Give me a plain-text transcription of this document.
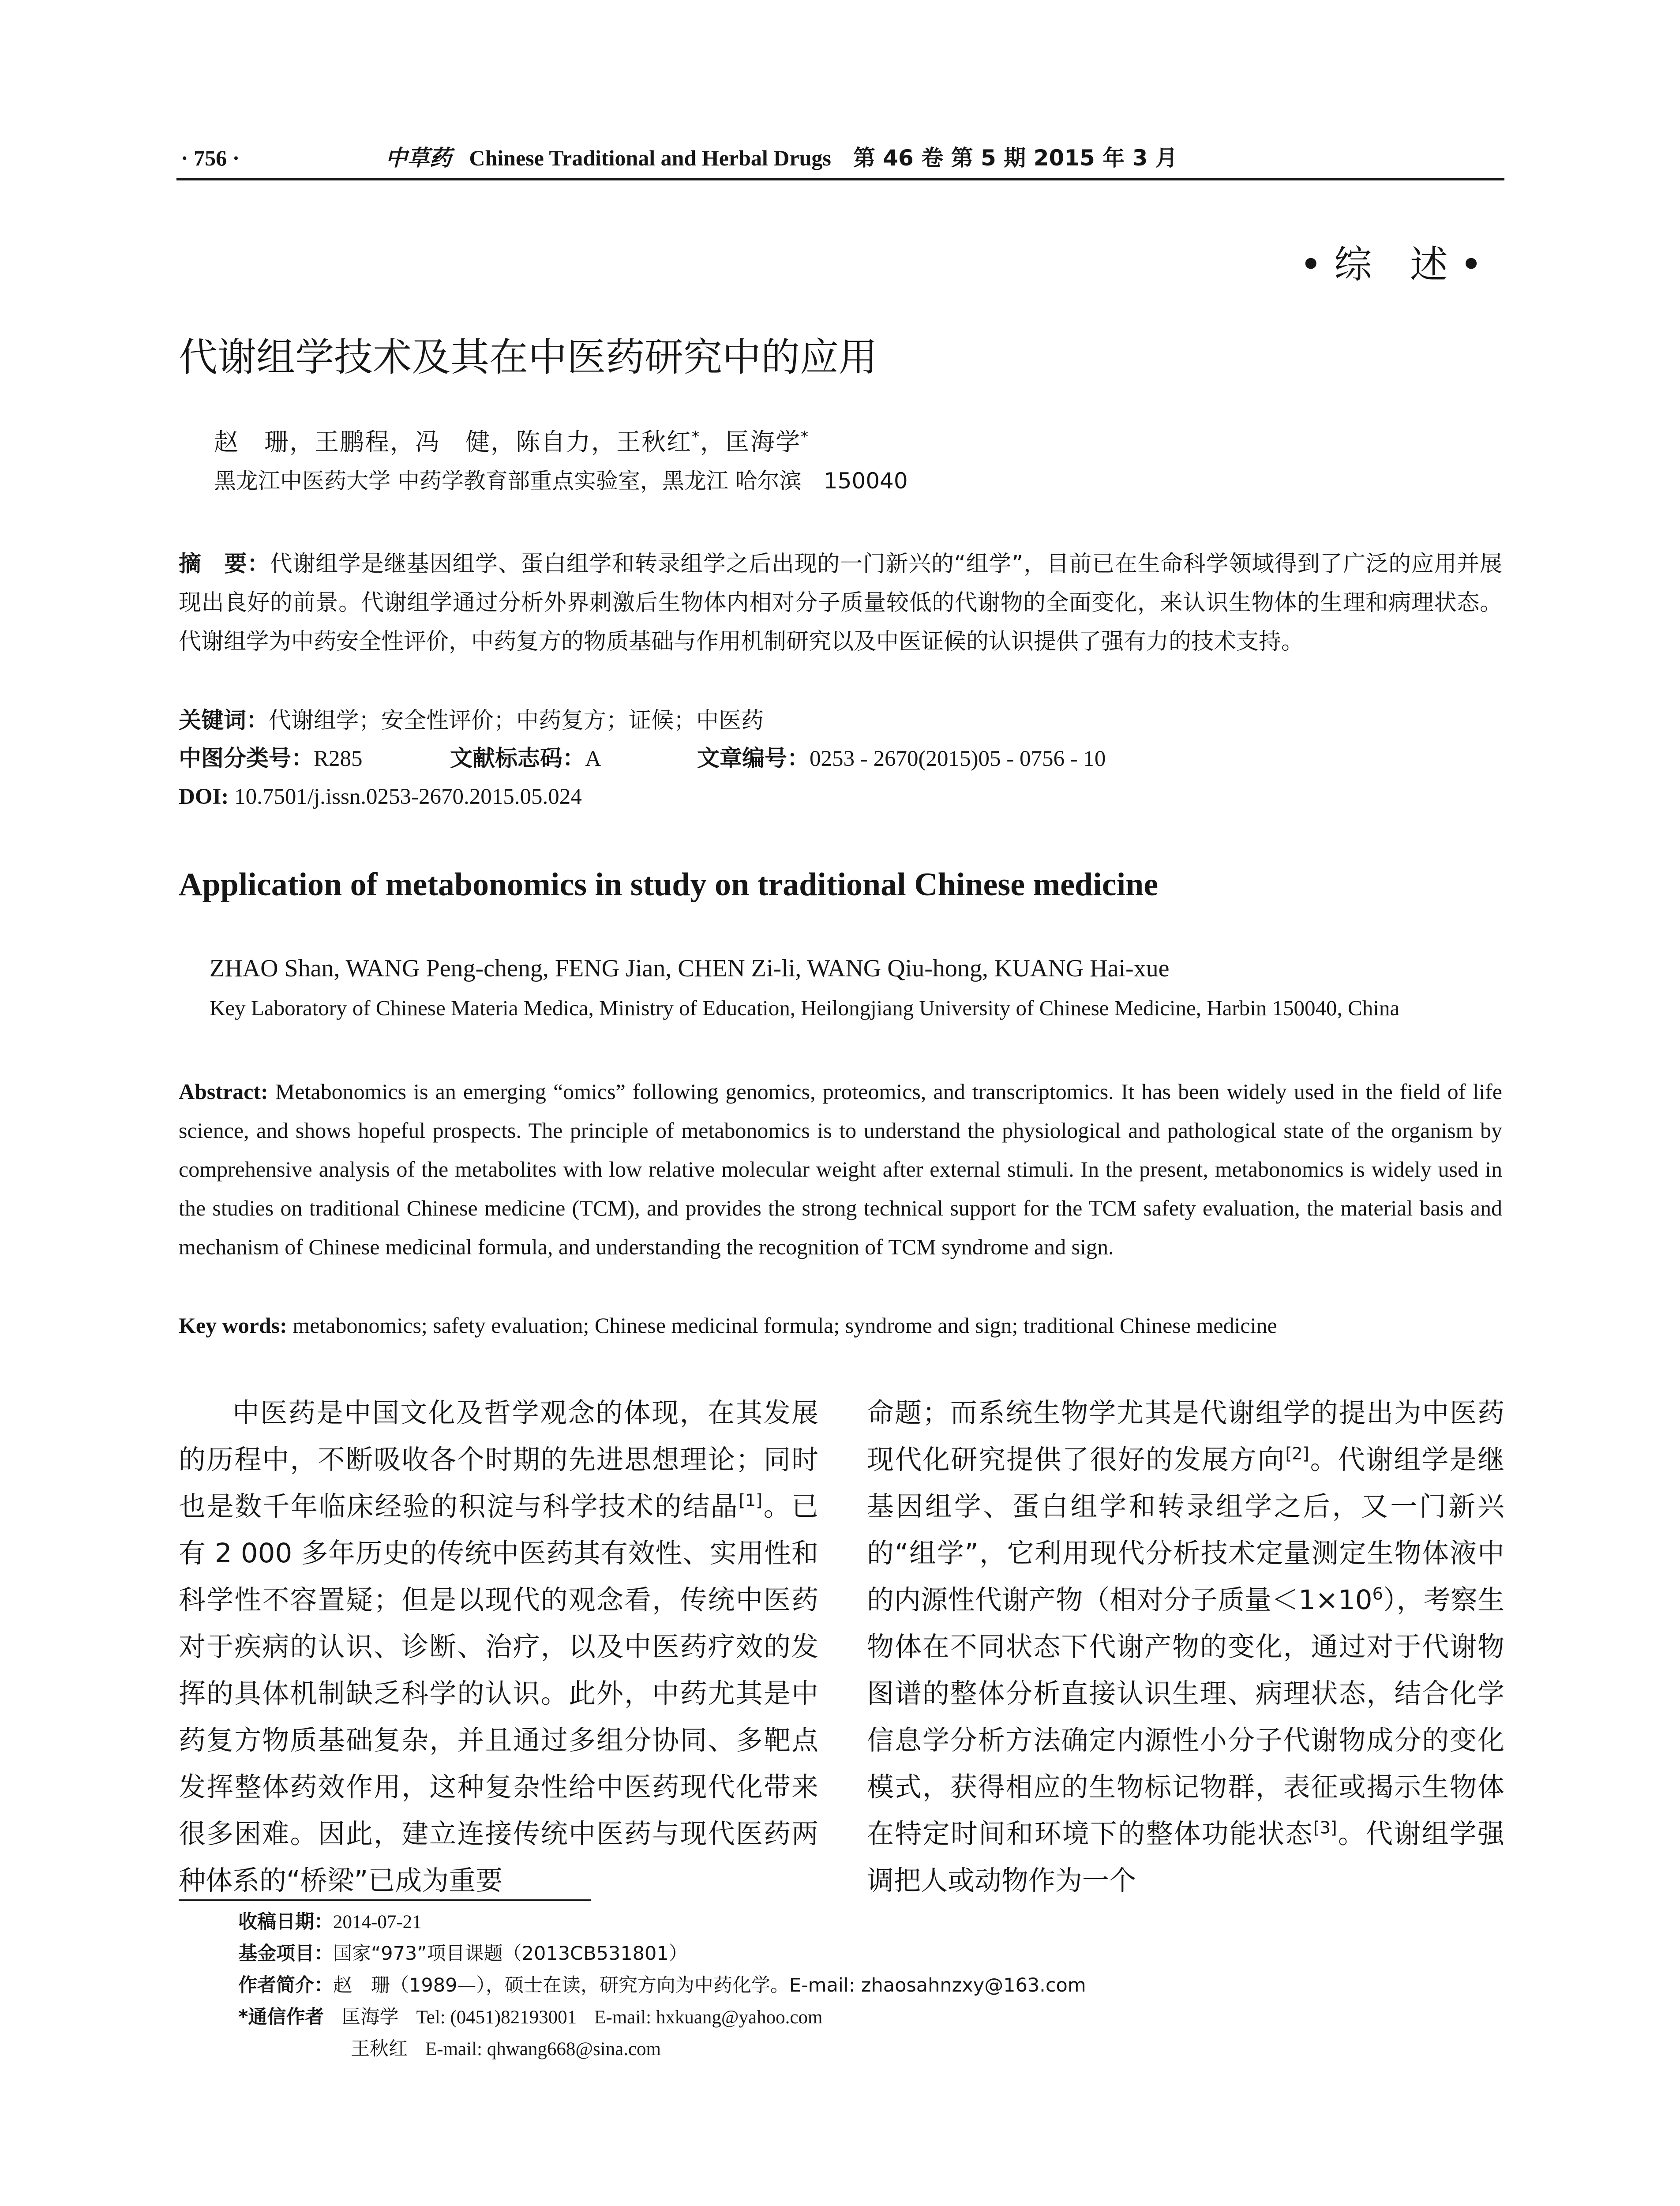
· 756 ·	中草药 Chinese Traditional and Herbal Drugs 第 46 卷 第 5 期 2015 年 3 月
• 综　述 •
代谢组学技术及其在中医药研究中的应用
赵　珊，王鹏程，冯　健，陈自力，王秋红*，匡海学*
黑龙江中医药大学 中药学教育部重点实验室，黑龙江 哈尔滨　150040
摘　要：代谢组学是继基因组学、蛋白组学和转录组学之后出现的一门新兴的“组学”，目前已在生命科学领域得到了广泛的应用并展现出良好的前景。代谢组学通过分析外界刺激后生物体内相对分子质量较低的代谢物的全面变化，来认识生物体的生理和病理状态。代谢组学为中药安全性评价，中药复方的物质基础与作用机制研究以及中医证候的认识提供了强有力的技术支持。
关键词：代谢组学；安全性评价；中药复方；证候；中医药
中图分类号：R285	文献标志码：A	文章编号：0253 - 2670(2015)05 - 0756 - 10
DOI: 10.7501/j.issn.0253-2670.2015.05.024
Application of metabonomics in study on traditional Chinese medicine
ZHAO Shan, WANG Peng-cheng, FENG Jian, CHEN Zi-li, WANG Qiu-hong, KUANG Hai-xue
Key Laboratory of Chinese Materia Medica, Ministry of Education, Heilongjiang University of Chinese Medicine, Harbin 150040, China
Abstract: Metabonomics is an emerging “omics” following genomics, proteomics, and transcriptomics. It has been widely used in the field of life science, and shows hopeful prospects. The principle of metabonomics is to understand the physiological and pathological state of the organism by comprehensive analysis of the metabolites with low relative molecular weight after external stimuli. In the present, metabonomics is widely used in the studies on traditional Chinese medicine (TCM), and provides the strong technical support for the TCM safety evaluation, the material basis and mechanism of Chinese medicinal formula, and understanding the recognition of TCM syndrome and sign.
Key words: metabonomics; safety evaluation; Chinese medicinal formula; syndrome and sign; traditional Chinese medicine
中医药是中国文化及哲学观念的体现，在其发展的历程中，不断吸收各个时期的先进思想理论；同时也是数千年临床经验的积淀与科学技术的结晶[1]。已有 2 000 多年历史的传统中医药其有效性、实用性和科学性不容置疑；但是以现代的观念看，传统中医药对于疾病的认识、诊断、治疗，以及中医药疗效的发挥的具体机制缺乏科学的认识。此外，中药尤其是中药复方物质基础复杂，并且通过多组分协同、多靶点发挥整体药效作用，这种复杂性给中医药现代化带来很多困难。因此，建立连接传统中医药与现代医药两种体系的“桥梁”已成为重要
命题；而系统生物学尤其是代谢组学的提出为中医药现代化研究提供了很好的发展方向[2]。代谢组学是继基因组学、蛋白组学和转录组学之后，又一门新兴的“组学”，它利用现代分析技术定量测定生物体液中的内源性代谢产物（相对分子质量$<1\times 10^6$），考察生物体在不同状态下代谢产物的变化，通过对于代谢物图谱的整体分析直接认识生理、病理状态，结合化学信息学分析方法确定内源性小分子代谢物成分的变化模式，获得相应的生物标记物群，表征或揭示生物体在特定时间和环境下的整体功能状态[3]。代谢组学强调把人或动物作为一个
收稿日期：2014-07-21
基金项目：国家“973”项目课题（2013CB531801）
作者简介：赵　珊（1989—），硕士在读，研究方向为中药化学。E-mail: zhaosahnzxy@163.com
*通信作者 匡海学 Tel: (0451)82193001 E-mail: hxkuang@yahoo.com
王秋红 E-mail: qhwang668@sina.com
